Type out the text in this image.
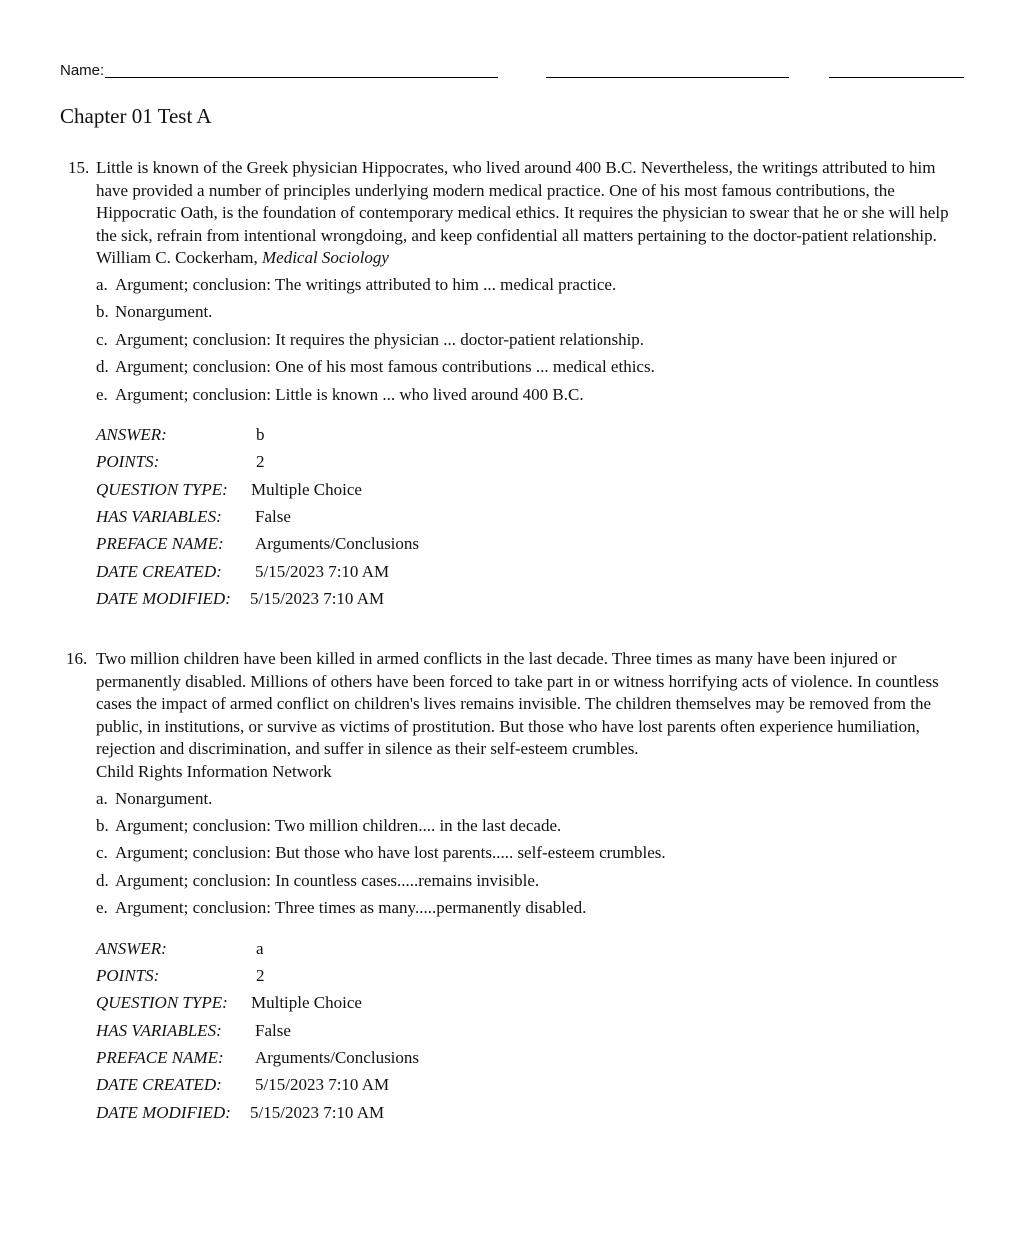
Name:
Chapter 01 Test A
15. Little is known of the Greek physician Hippocrates, who lived around 400 B.C. Nevertheless, the writings attributed to him have provided a number of principles underlying modern medical practice. One of his most famous contributions, the Hippocratic Oath, is the foundation of contemporary medical ethics. It requires the physician to swear that he or she will help the sick, refrain from intentional wrongdoing, and keep confidential all matters pertaining to the doctor-patient relationship.
William C. Cockerham, Medical Sociology
a. Argument; conclusion: The writings attributed to him ... medical practice.
b. Nonargument.
c. Argument; conclusion: It requires the physician ... doctor-patient relationship.
d. Argument; conclusion: One of his most famous contributions ... medical ethics.
e. Argument; conclusion: Little is known ... who lived around 400 B.C.
ANSWER:	b
POINTS:	2
QUESTION TYPE: Multiple Choice
HAS VARIABLES: False
PREFACE NAME: Arguments/Conclusions
DATE CREATED: 5/15/2023 7:10 AM
DATE MODIFIED: 5/15/2023 7:10 AM
16. Two million children have been killed in armed conflicts in the last decade. Three times as many have been injured or permanently disabled. Millions of others have been forced to take part in or witness horrifying acts of violence. In countless cases the impact of armed conflict on children's lives remains invisible. The children themselves may be removed from the public, in institutions, or survive as victims of prostitution. But those who have lost parents often experience humiliation, rejection and discrimination, and suffer in silence as their self-esteem crumbles.
Child Rights Information Network
a. Nonargument.
b. Argument; conclusion: Two million children.... in the last decade.
c. Argument; conclusion: But those who have lost parents..... self-esteem crumbles.
d. Argument; conclusion: In countless cases.....remains invisible.
e. Argument; conclusion: Three times as many.....permanently disabled.
ANSWER:	a
POINTS:	2
QUESTION TYPE: Multiple Choice
HAS VARIABLES: False
PREFACE NAME: Arguments/Conclusions
DATE CREATED: 5/15/2023 7:10 AM
DATE MODIFIED: 5/15/2023 7:10 AM
